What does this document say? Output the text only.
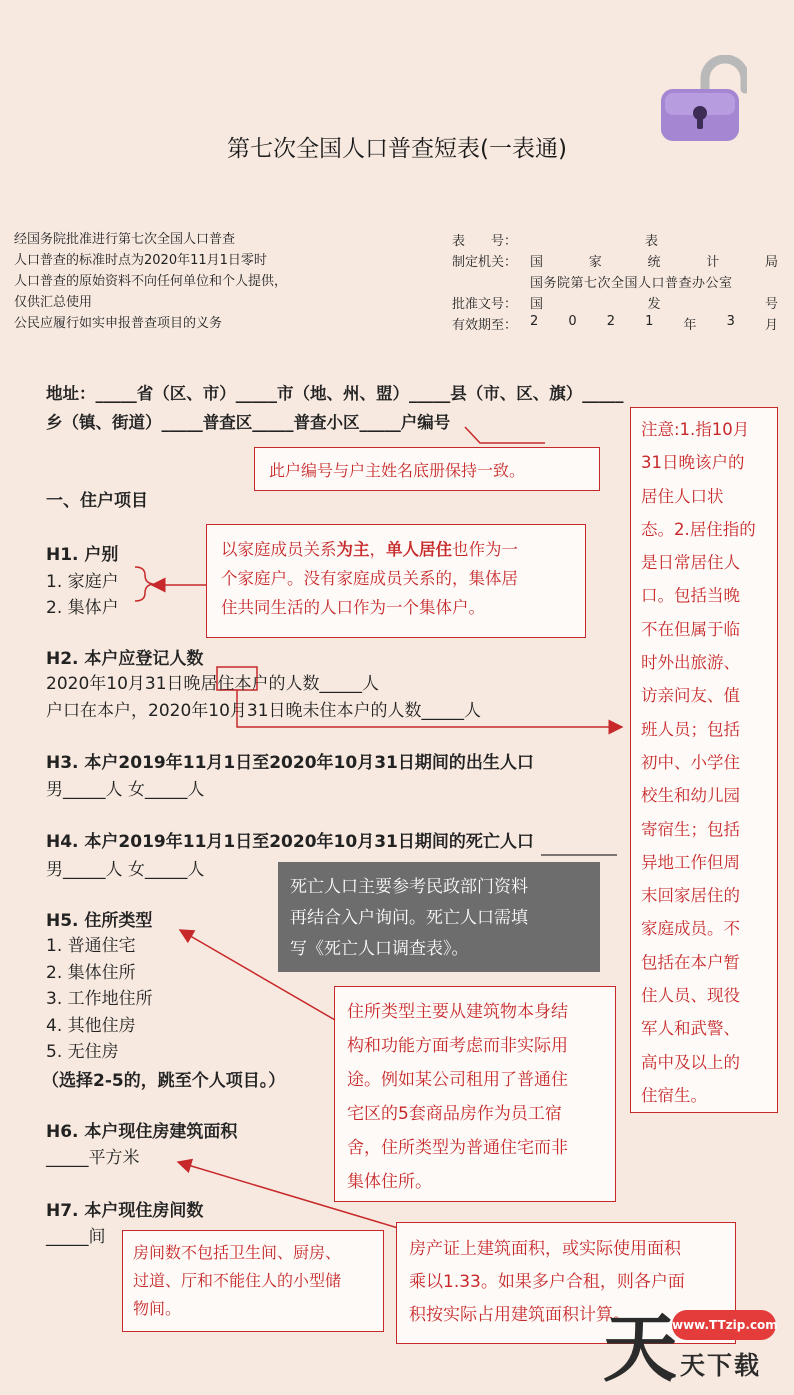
第七次全国人口普查短表(一表通)
经国务院批准进行第七次全国人口普查
人口普查的标准时点为2020年11月1日零时
人口普查的原始资料不向任何单位和个人提供，
仅供汇总使用
公民应履行如实申报普查项目的义务
表　　号：	表
制定机关： 国	家	统	计	局
国务院第七次全国人口普查办公室
批准文号： 国	发	号
有效期至： 2 0 2 1 年 3 月
地址：_____省（区、市）_____市（地、州、盟）_____县（市、区、旗）_____
乡（镇、街道）_____普查区_____普查小区_____户编号
此户编号与户主姓名底册保持一致。
一、住户项目
H1. 户别
1. 家庭户
2. 集体户
以家庭成员关系为主，单人居住也作为一
个家庭户。没有家庭成员关系的，集体居
住共同生活的人口作为一个集体户。
H2. 本户应登记人数
2020年10月31日晚居住本户的人数_____人
户口在本户，2020年10月31日晚未住本户的人数_____人
注意:1.指10月
31日晚该户的
居住人口状
态。2.居住指的
是日常居住人
口。包括当晚
不在但属于临
时外出旅游、
访亲问友、值
班人员；包括
初中、小学住
校生和幼儿园
寄宿生；包括
异地工作但周
末回家居住的
家庭成员。不
包括在本户暂
住人员、现役
军人和武警、
高中及以上的
住宿生。
H3. 本户2019年11月1日至2020年10月31日期间的出生人口
男_____人 女_____人
H4. 本户2019年11月1日至2020年10月31日期间的死亡人口
男_____人 女_____人
死亡人口主要参考民政部门资料
再结合入户询问。死亡人口需填
写《死亡人口调查表》。
H5. 住所类型
1. 普通住宅
2. 集体住所
3. 工作地住所
4. 其他住房
5. 无住房
（选择2-5的，跳至个人项目。）
住所类型主要从建筑物本身结
构和功能方面考虑而非实际用
途。例如某公司租用了普通住
宅区的5套商品房作为员工宿
舍，住所类型为普通住宅而非
集体住所。
H6. 本户现住房建筑面积
_____平方米
H7. 本户现住房间数
_____间
房间数不包括卫生间、厨房、
过道、厅和不能住人的小型储
物间。
房产证上建筑面积，或实际使用面积
乘以1.33。如果多户合租，则各户面
积按实际占用建筑面积计算。	www.TTzip.com
天 天下载
